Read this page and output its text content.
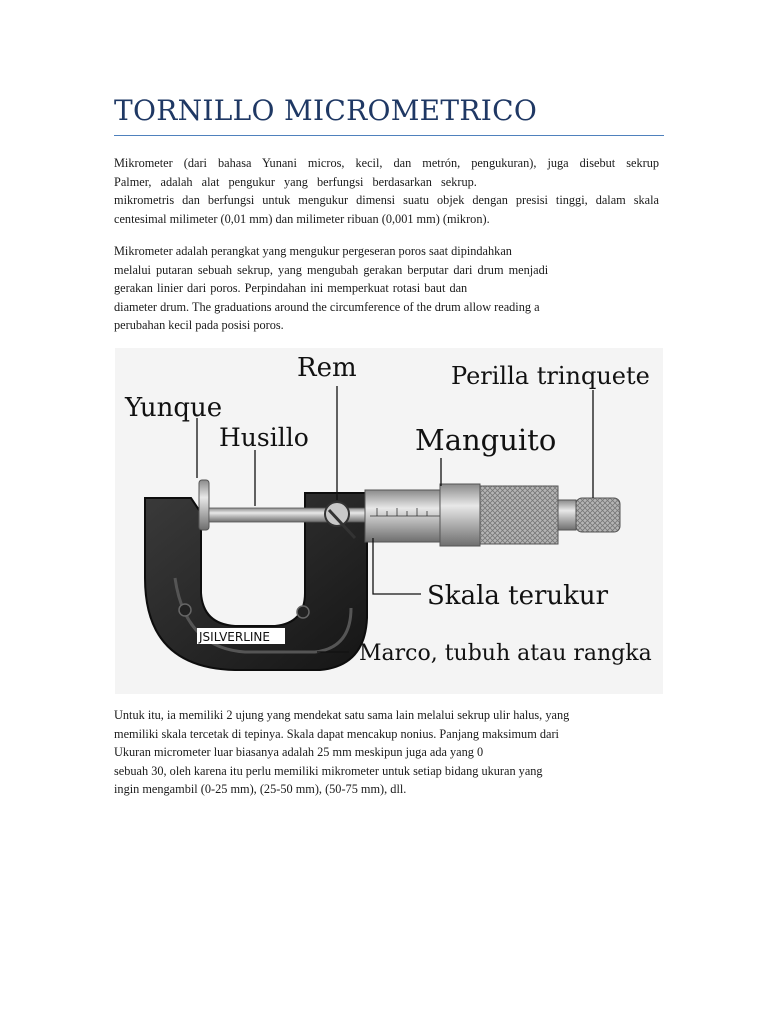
TORNILLO MICROMETRICO
Mikrometer (dari bahasa Yunani micros, kecil, dan metrón, pengukuran), juga disebut sekrup
Palmer, adalah alat pengukur yang berfungsi berdasarkan sekrup.
mikrometris dan berfungsi untuk mengukur dimensi suatu objek dengan presisi tinggi, dalam skala
centesimal milimeter (0,01 mm) dan milimeter ribuan (0,001 mm) (mikron).
Mikrometer adalah perangkat yang mengukur pergeseran poros saat dipindahkan
melalui putaran sebuah sekrup, yang mengubah gerakan berputar dari drum menjadi
gerakan linier dari poros. Perpindahan ini memperkuat rotasi baut dan
diameter drum. The graduations around the circumference of the drum allow reading a
perubahan kecil pada posisi poros.
Untuk itu, ia memiliki 2 ujung yang mendekat satu sama lain melalui sekrup ulir halus, yang
memiliki skala tercetak di tepinya. Skala dapat mencakup nonius. Panjang maksimum dari
Ukuran micrometer luar biasanya adalah 25 mm meskipun juga ada yang 0
sebuah 30, oleh karena itu perlu memiliki mikrometer untuk setiap bidang ukuran yang
ingin mengambil (0-25 mm), (25-50 mm), (50-75 mm), dll.
Rem	Perilla trinquete
Yunque
Husillo	Manguito
Skala terukur
Marco, tubuh atau rangka
JSILVERLINE
